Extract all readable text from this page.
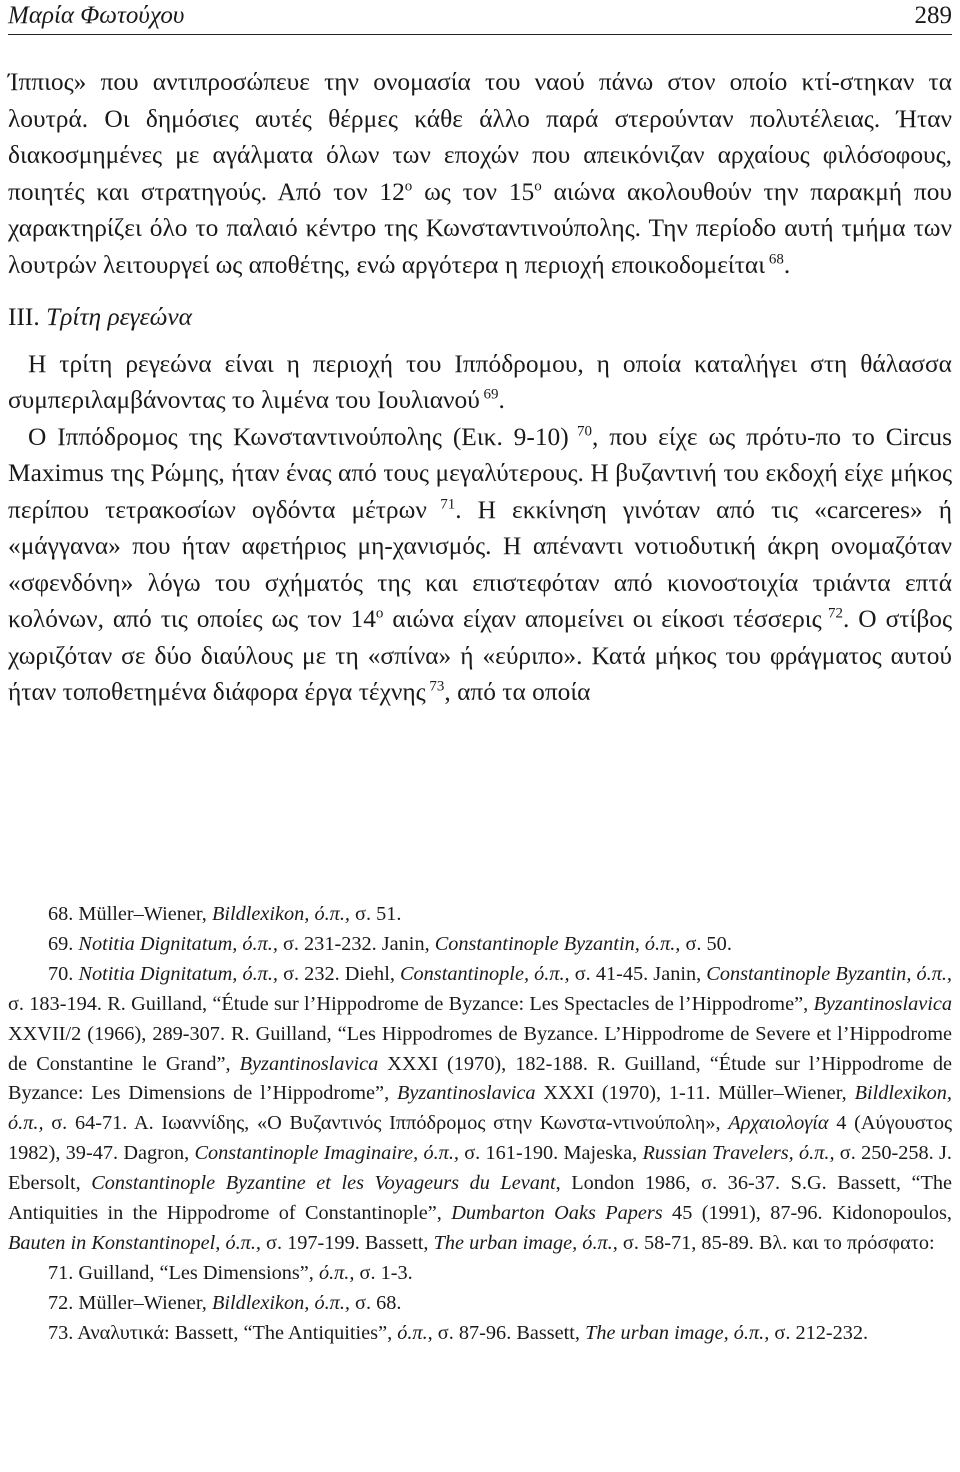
Μαρία Φωτούχου	289

Ίππιος» που αντιπροσώπευε την ονομασία του ναού πάνω στον οποίο κτί-στηκαν τα λουτρά. Οι δημόσιες αυτές θέρμες κάθε άλλο παρά στερούνταν πολυτέλειας. Ήταν διακοσμημένες με αγάλματα όλων των εποχών που απεικόνιζαν αρχαίους φιλόσοφους, ποιητές και στρατηγούς. Από τον $12^o$ ως τον $15^o$ αιώνα ακολουθούν την παρακμή που χαρακτηρίζει όλο το παλαιό κέντρο της Κωνσταντινούπολης. Την περίοδο αυτή τμήμα των λουτρών λειτουργεί ως αποθέτης, ενώ αργότερα η περιοχή εποικοδομείται $^{68}$.

III. Τρίτη ρεγεώνα

Η τρίτη ρεγεώνα είναι η περιοχή του Ιππόδρομου, η οποία καταλήγει στη θάλασσα συμπεριλαμβάνοντας το λιμένα του Ιουλιανού $^{69}$.

Ο Ιππόδρομος της Κωνσταντινούπολης (Εικ. 9-10) $^{70}$, που είχε ως πρότυ-πο το Circus Maximus της Ρώμης, ήταν ένας από τους μεγαλύτερους. Η βυζαντινή του εκδοχή είχε μήκος περίπου τετρακοσίων ογδόντα μέτρων $^{71}$. Η εκκίνηση γινόταν από τις «carceres» ή «μάγγανα» που ήταν αφετήριος μη-χανισμός. Η απέναντι νοτιοδυτική άκρη ονομαζόταν «σφενδόνη» λόγω του σχήματός της και επιστεφόταν από κιονοστοιχία τριάντα επτά κολόνων, από τις οποίες ως τον $14^o$ αιώνα είχαν απομείνει οι είκοσι τέσσερις $^{72}$. Ο στίβος χωριζόταν σε δύο διαύλους με τη «σπίνα» ή «εύριπο». Κατά μήκος του φράγματος αυτού ήταν τοποθετημένα διάφορα έργα τέχνης $^{73}$, από τα οποία

68. Müller–Wiener, Bildlexikon, ό.π., σ. 51.

69. Notitia Dignitatum, ό.π., σ. 231-232. Janin, Constantinople Byzantin, ό.π., σ. 50.

70. Notitia Dignitatum, ό.π., σ. 232. Diehl, Constantinople, ό.π., σ. 41-45. Janin, Constantinople Byzantin, ό.π., σ. 183-194. R. Guilland, “Étude sur l’Hippodrome de Byzance: Les Spectacles de l’Hippodrome”, Byzantinoslavica XXVII/2 (1966), 289-307. R. Guilland, “Les Hippodromes de Byzance. L’Hippodrome de Severe et l’Hippodrome de Constantine le Grand”, Byzantinoslavica XXXI (1970), 182-188. R. Guilland, “Étude sur l’Hippodrome de Byzance: Les Dimensions de l’Hippodrome”, Byzantinoslavica XXXI (1970), 1-11. Müller–Wiener, Bildlexikon, ό.π., σ. 64-71. Α. Ιωαννίδης, «Ο Βυζαντινός Ιππόδρομος στην Κωνστα-ντινούπολη», Αρχαιολογία 4 (Αύγουστος 1982), 39-47. Dagron, Constantinople Imaginaire, ό.π., σ. 161-190. Majeska, Russian Travelers, ό.π., σ. 250-258. J. Ebersolt, Constantinople Byzantine et les Voyageurs du Levant, London 1986, σ. 36-37. S.G. Bassett, “The Antiquities in the Hippodrome of Constantinople”, Dumbarton Oaks Papers 45 (1991), 87-96. Kidonopoulos, Bauten in Konstantinopel, ό.π., σ. 197-199. Bassett, The urban image, ό.π., σ. 58-71, 85-89. Βλ. και το πρόσφατο:

71. Guilland, “Les Dimensions”, ό.π., σ. 1-3.

72. Müller–Wiener, Bildlexikon, ό.π., σ. 68.

73. Αναλυτικά: Bassett, “The Antiquities”, ό.π., σ. 87-96. Bassett, The urban image, ό.π., σ. 212-232.
